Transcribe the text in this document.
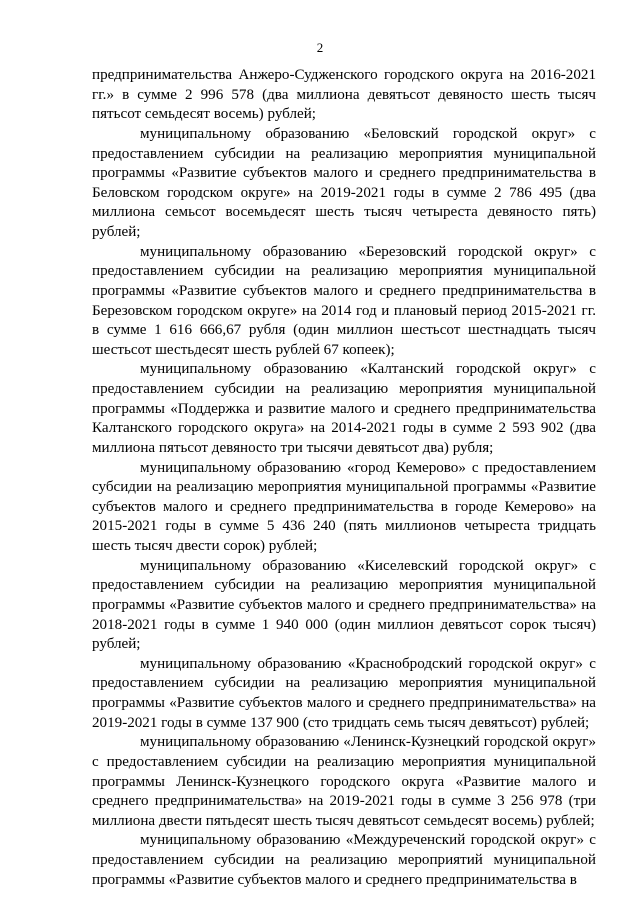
2

предпринимательства Анжеро-Судженского городского округа на 2016-2021 гг.» в сумме 2 996 578 (два миллиона девятьсот девяносто шесть тысяч пятьсот семьдесят восемь) рублей;

муниципальному образованию «Беловский городской округ» с предоставлением субсидии на реализацию мероприятия муниципальной программы «Развитие субъектов малого и среднего предпринимательства в Беловском городском округе» на 2019-2021 годы в сумме 2 786 495 (два миллиона семьсот восемьдесят шесть тысяч четыреста девяносто пять) рублей;

муниципальному образованию «Березовский городской округ» с предоставлением субсидии на реализацию мероприятия муниципальной программы «Развитие субъектов малого и среднего предпринимательства в Березовском городском округе» на 2014 год и плановый период 2015-2021 гг. в сумме 1 616 666,67 рубля (один миллион шестьсот шестнадцать тысяч шестьсот шестьдесят шесть рублей 67 копеек);

муниципальному образованию «Калтанский городской округ» с предоставлением субсидии на реализацию мероприятия муниципальной программы «Поддержка и развитие малого и среднего предпринимательства Калтанского городского округа» на 2014-2021 годы в сумме 2 593 902 (два миллиона пятьсот девяносто три тысячи девятьсот два) рубля;

муниципальному образованию «город Кемерово» с предоставлением субсидии на реализацию мероприятия муниципальной программы «Развитие субъектов малого и среднего предпринимательства в городе Кемерово» на 2015-2021 годы в сумме 5 436 240 (пять миллионов четыреста тридцать шесть тысяч двести сорок) рублей;

муниципальному образованию «Киселевский городской округ» с предоставлением субсидии на реализацию мероприятия муниципальной программы «Развитие субъектов малого и среднего предпринимательства» на 2018-2021 годы в сумме 1 940 000 (один миллион девятьсот сорок тысяч) рублей;

муниципальному образованию «Краснобродский городской округ» с предоставлением субсидии на реализацию мероприятия муниципальной программы «Развитие субъектов малого и среднего предпринимательства» на 2019-2021 годы в сумме 137 900 (сто тридцать семь тысяч девятьсот) рублей;

муниципальному образованию «Ленинск-Кузнецкий городской округ» с предоставлением субсидии на реализацию мероприятия муниципальной программы Ленинск-Кузнецкого городского округа «Развитие малого и среднего предпринимательства» на 2019-2021 годы в сумме 3 256 978 (три миллиона двести пятьдесят шесть тысяч девятьсот семьдесят восемь) рублей;

муниципальному образованию «Междуреченский городской округ» с предоставлением субсидии на реализацию мероприятий муниципальной программы «Развитие субъектов малого и среднего предпринимательства в
